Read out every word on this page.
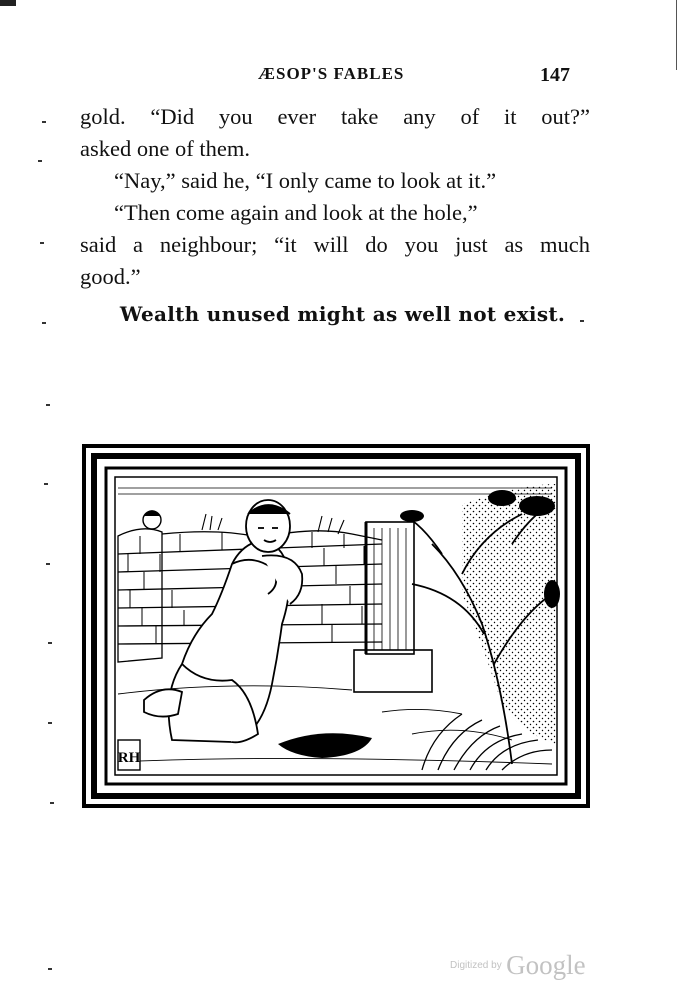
ÆSOP'S FABLES	147

gold. “Did you ever take any of it out?”

asked one of them.

“Nay,” said he, “I only came to look at it.”

“Then come again and look at the hole,”

said a neighbour; “it will do you just as much

good.”

Wealth unused might as well not exist.
RH
Digitized by Google
